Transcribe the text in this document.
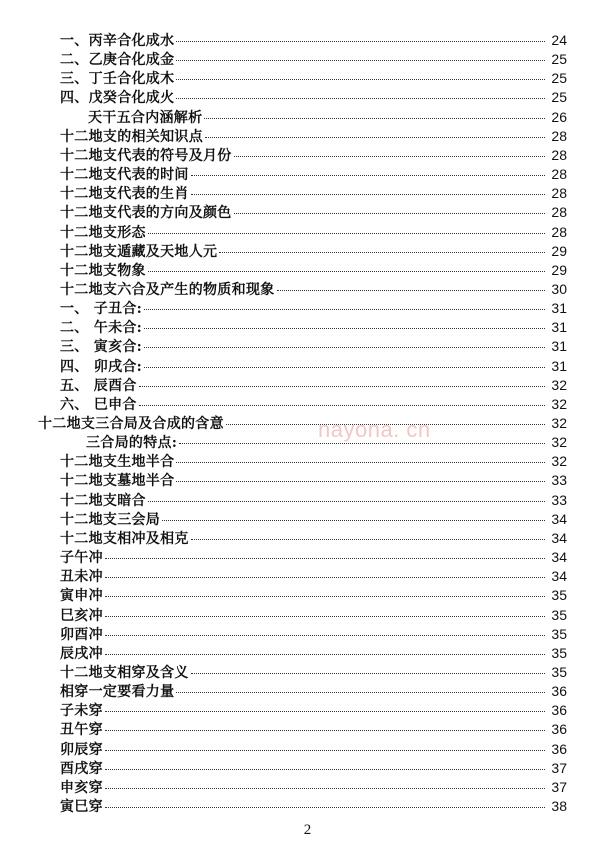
一、丙辛合化成水	24
二、乙庚合化成金	25
三、丁壬合化成木	25
四、戊癸合化成火	25
天干五合内涵解析	26
十二地支的相关知识点	28
十二地支代表的符号及月份	28
十二地支代表的时间	28
十二地支代表的生肖	28
十二地支代表的方向及颜色	28
十二地支形态	28
十二地支遁藏及天地人元	29
十二地支物象	29
十二地支六合及产生的物质和现象	30
一、 子丑合:	31
二、 午未合:	31
三、 寅亥合:	31
四、 卯戌合:	31
五、 辰酉合	32
六、 巳申合	32
十二地支三合局及合成的含意	32
三合局的特点:	32
十二地支生地半合	32
十二地支墓地半合	33
十二地支暗合	33
十二地支三会局	34
十二地支相冲及相克	34
子午冲	34
丑未冲	34
寅申冲	35
巳亥冲	35
卯酉冲	35
辰戌冲	35
十二地支相穿及含义	35
相穿一定要看力量	36
子未穿	36
丑午穿	36
卯辰穿	36
酉戌穿	37
申亥穿	37
寅巳穿	38
nayona. cn
2
